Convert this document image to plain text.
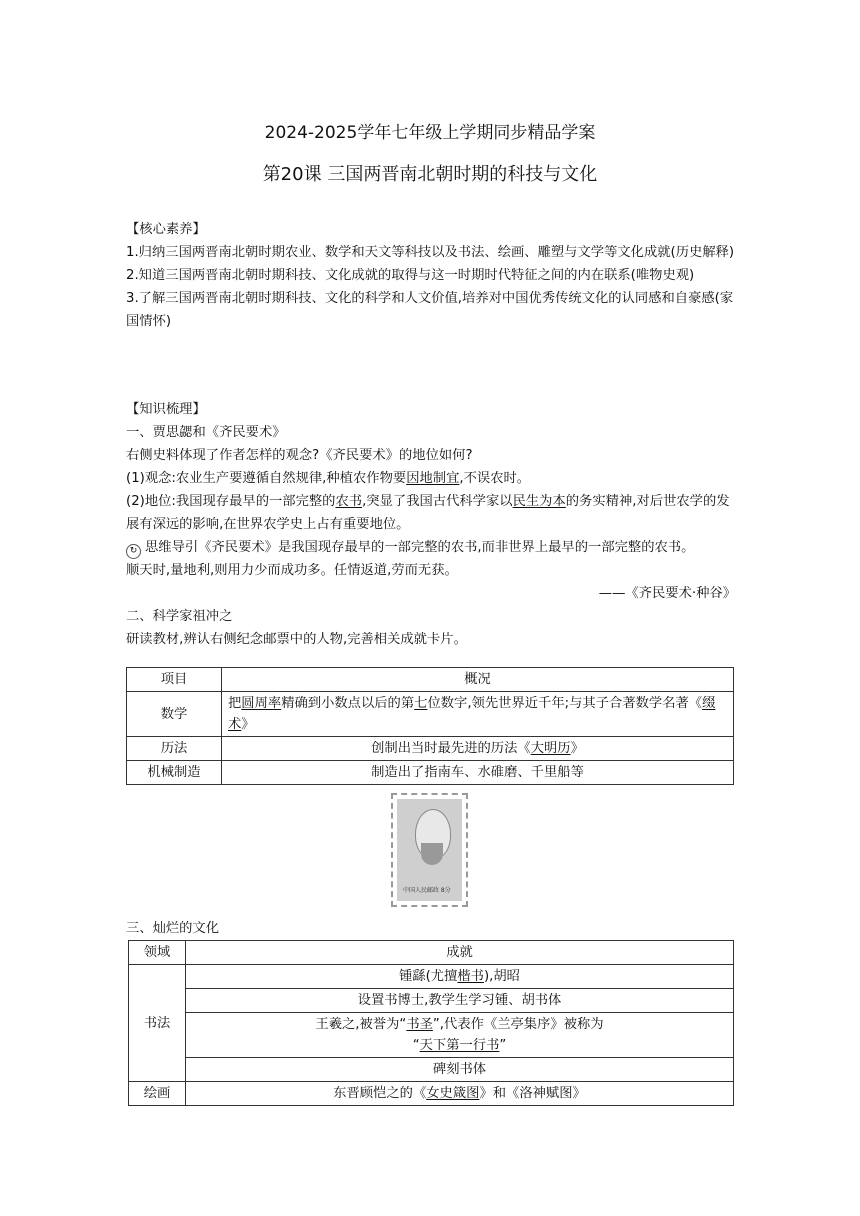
2024-2025学年七年级上学期同步精品学案
第20课 三国两晋南北朝时期的科技与文化
【核心素养】
1.归纳三国两晋南北朝时期农业、数学和天文等科技以及书法、绘画、雕塑与文学等文化成就(历史解释)
2.知道三国两晋南北朝时期科技、文化成就的取得与这一时期时代特征之间的内在联系(唯物史观)
3.了解三国两晋南北朝时期科技、文化的科学和人文价值,培养对中国优秀传统文化的认同感和自豪感(家国情怀)
【知识梳理】
一、贾思勰和《齐民要术》
右侧史料体现了作者怎样的观念?《齐民要术》的地位如何?
(1)观念:农业生产要遵循自然规律,种植农作物要因地制宜,不误农时。
(2)地位:我国现存最早的一部完整的农书,突显了我国古代科学家以民生为本的务实精神,对后世农学的发展有深远的影响,在世界农学史上占有重要地位。
↻ 思维导引《齐民要术》是我国现存最早的一部完整的农书,而非世界上最早的一部完整的农书。
顺天时,量地利,则用力少而成功多。任情返道,劳而无获。
——《齐民要术·种谷》
二、科学家祖冲之
研读教材,辨认右侧纪念邮票中的人物,完善相关成就卡片。
项目	概况
数学	把圆周率精确到小数点以后的第七位数字,领先世界近千年;与其子合著数学名著《缀术》
历法	创制出当时最先进的历法《大明历》
机械制造	制造出了指南车、水碓磨、千里船等
中国人民邮政 8分
三、灿烂的文化
领域	成就
书法	锺繇(尤擅楷书),胡昭
	设置书博士,教学生学习锺、胡书体
	王羲之,被誉为“书圣”,代表作《兰亭集序》被称为
“天下第一行书”
	碑刻书体
绘画	东晋顾恺之的《女史箴图》和《洛神赋图》
